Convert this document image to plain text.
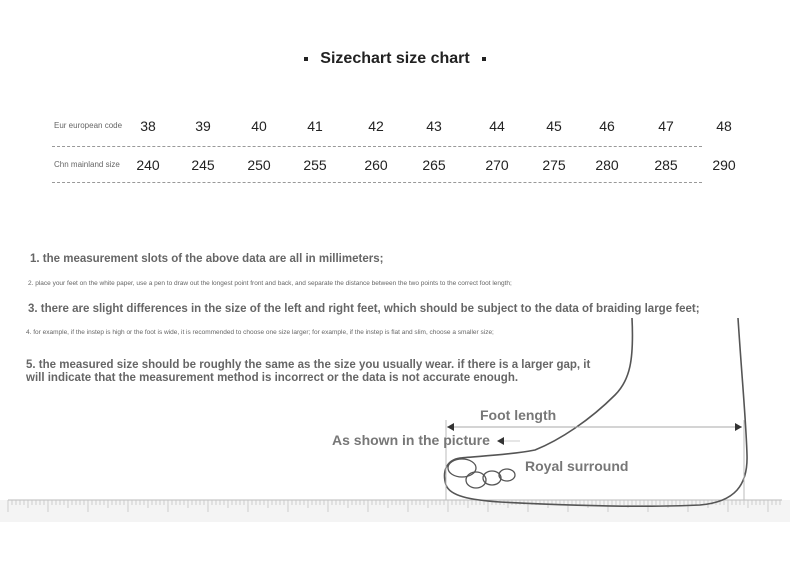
Sizechart size chart
Eur european code	38	39	40	41	42	43	44	45	46	47	48
Chn mainland size	240	245	250	255	260	265	270	275	280	285	290
1. the measurement slots of the above data are all in millimeters;
2. place your feet on the white paper, use a pen to draw out the longest point front and back, and separate the distance between the two points to the correct foot length;
3. there are slight differences in the size of the left and right feet, which should be subject to the data of braiding large feet;
4. for example, if the instep is high or the foot is wide, it is recommended to choose one size larger; for example, if the instep is flat and slim, choose a smaller size;
5. the measured size should be roughly the same as the size you usually wear. if there is a larger gap, it will indicate that the measurement method is incorrect or the data is not accurate enough.
Foot length
As shown in the picture
Royal surround
